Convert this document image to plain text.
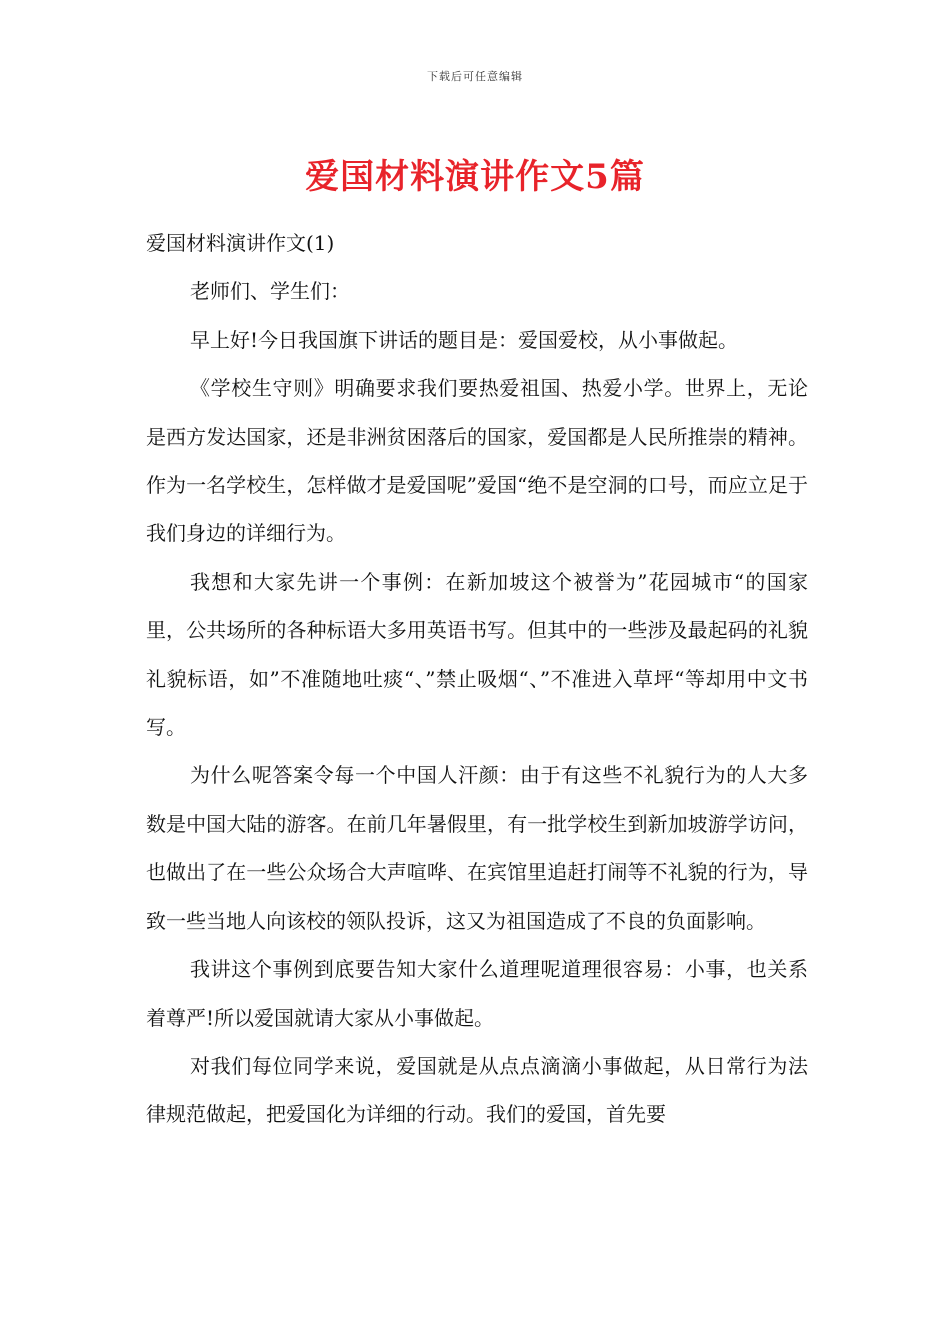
下载后可任意编辑
爱国材料演讲作文5篇
爱国材料演讲作文(1)

老师们、学生们：

早上好!今日我国旗下讲话的题目是：爱国爱校，从小事做起。

《学校生守则》明确要求我们要热爱祖国、热爱小学。世界上，无论是西方发达国家，还是非洲贫困落后的国家，爱国都是人民所推崇的精神。作为一名学校生，怎样做才是爱国呢”爱国“绝不是空洞的口号，而应立足于我们身边的详细行为。

我想和大家先讲一个事例：在新加坡这个被誉为”花园城市“的国家里，公共场所的各种标语大多用英语书写。但其中的一些涉及最起码的礼貌礼貌标语，如”不准随地吐痰“、”禁止吸烟“、”不准进入草坪“等却用中文书写。

为什么呢答案令每一个中国人汗颜：由于有这些不礼貌行为的人大多数是中国大陆的游客。在前几年暑假里，有一批学校生到新加坡游学访问，也做出了在一些公众场合大声喧哗、在宾馆里追赶打闹等不礼貌的行为，导致一些当地人向该校的领队投诉，这又为祖国造成了不良的负面影响。

我讲这个事例到底要告知大家什么道理呢道理很容易：小事，也关系着尊严!所以爱国就请大家从小事做起。

对我们每位同学来说，爱国就是从点点滴滴小事做起，从日常行为法律规范做起，把爱国化为详细的行动。我们的爱国，首先要
